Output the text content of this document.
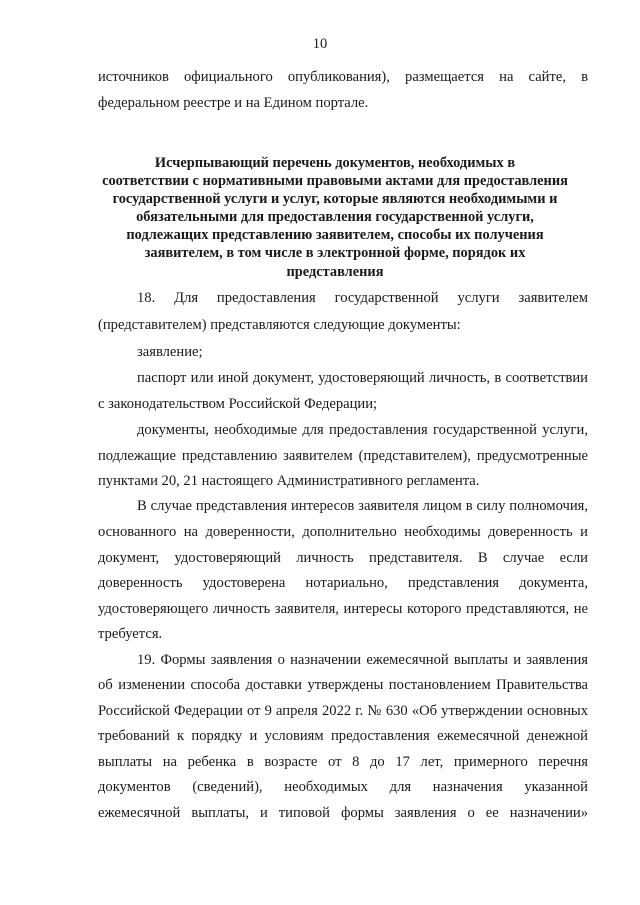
10
источников официального опубликования), размещается на сайте, в
федеральном реестре и на Едином портале.
Исчерпывающий перечень документов, необходимых в
соответствии с нормативными правовыми актами для предоставления
государственной услуги и услуг, которые являются необходимыми и
обязательными для предоставления государственной услуги,
подлежащих представлению заявителем, способы их получения
заявителем, в том числе в электронной форме, порядок их
представления
18. Для предоставления государственной услуги заявителем
(представителем) представляются следующие документы:
заявление;
паспорт или иной документ, удостоверяющий личность, в соответствии
с законодательством Российской Федерации;
документы, необходимые для предоставления государственной услуги,
подлежащие представлению заявителем (представителем), предусмотренные
пунктами 20, 21 настоящего Административного регламента.
В случае представления интересов заявителя лицом в силу полномочия,
основанного на доверенности, дополнительно необходимы доверенность и
документ, удостоверяющий личность представителя. В случае если
доверенность удостоверена нотариально, представления документа,
удостоверяющего личность заявителя, интересы которого представляются, не
требуется.
19. Формы заявления о назначении ежемесячной выплаты и заявления
об изменении способа доставки утверждены постановлением Правительства
Российской Федерации от 9 апреля 2022 г. № 630 «Об утверждении основных
требований к порядку и условиям предоставления ежемесячной денежной
выплаты на ребенка в возрасте от 8 до 17 лет, примерного перечня
документов (сведений), необходимых для назначения указанной
ежемесячной выплаты, и типовой формы заявления о ее назначении»
